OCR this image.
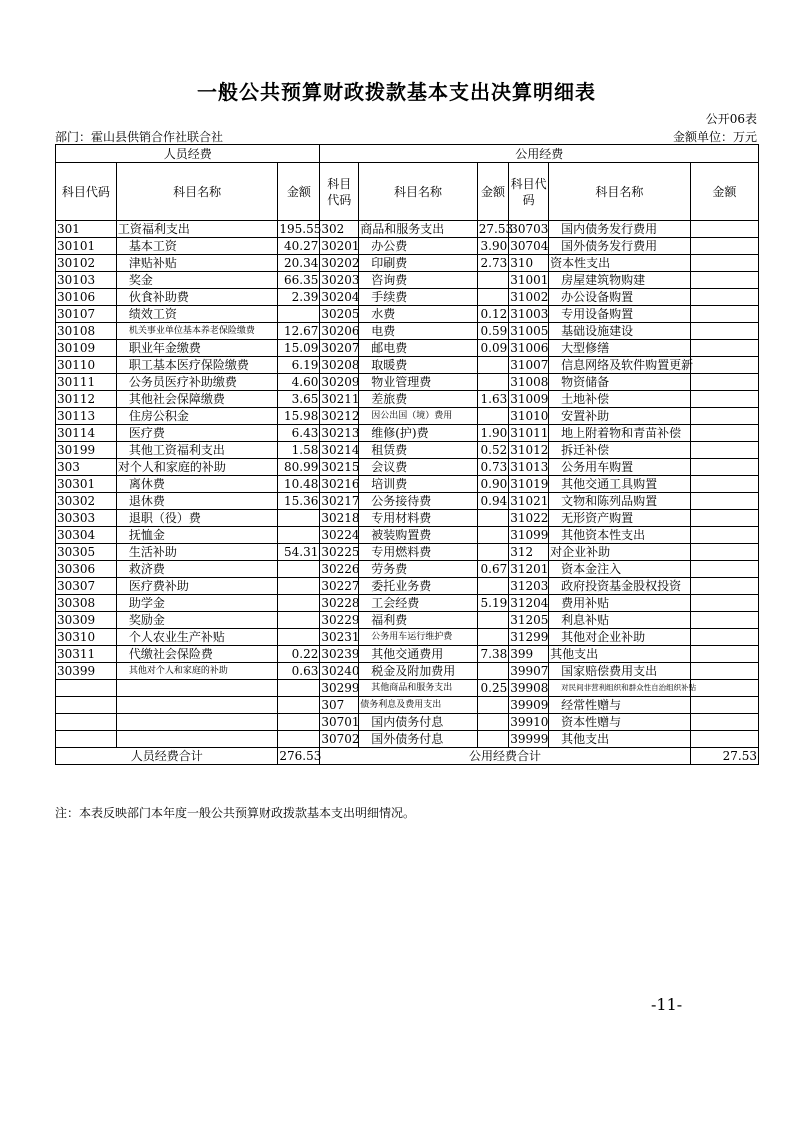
一般公共预算财政拨款基本支出决算明细表
公开06表
部门：霍山县供销合作社联合社	金额单位：万元
人员经费			公用经费					
科目代码	科目名称	金额	科目代码	科目名称	金额	科目代码	科目名称	金额
301	工资福利支出	195.55	302	商品和服务支出	27.53	30703	国内债务发行费用	
30101	基本工资	40.27	30201	办公费	3.90	30704	国外债务发行费用	
30102	津贴补贴	20.34	30202	印刷费	2.73	310	资本性支出	
30103	奖金	66.35	30203	咨询费		31001	房屋建筑物购建	
30106	伙食补助费	2.39	30204	手续费		31002	办公设备购置	
30107	绩效工资		30205	水费	0.12	31003	专用设备购置	
30108	机关事业单位基本养老保险缴费	12.67	30206	电费	0.59	31005	基础设施建设	
30109	职业年金缴费	15.09	30207	邮电费	0.09	31006	大型修缮	
30110	职工基本医疗保险缴费	6.19	30208	取暖费		31007	信息网络及软件购置更新	
30111	公务员医疗补助缴费	4.60	30209	物业管理费		31008	物资储备	
30112	其他社会保障缴费	3.65	30211	差旅费	1.63	31009	土地补偿	
30113	住房公积金	15.98	30212	因公出国（境）费用		31010	安置补助	
30114	医疗费	6.43	30213	维修(护)费	1.90	31011	地上附着物和青苗补偿	
30199	其他工资福利支出	1.58	30214	租赁费	0.52	31012	拆迁补偿	
303	对个人和家庭的补助	80.99	30215	会议费	0.73	31013	公务用车购置	
30301	离休费	10.48	30216	培训费	0.90	31019	其他交通工具购置	
30302	退休费	15.36	30217	公务接待费	0.94	31021	文物和陈列品购置	
30303	退职（役）费		30218	专用材料费		31022	无形资产购置	
30304	抚恤金		30224	被装购置费		31099	其他资本性支出	
30305	生活补助	54.31	30225	专用燃料费		312	对企业补助	
30306	救济费		30226	劳务费	0.67	31201	资本金注入	
30307	医疗费补助		30227	委托业务费		31203	政府投资基金股权投资	
30308	助学金		30228	工会经费	5.19	31204	费用补贴	
30309	奖励金		30229	福利费		31205	利息补贴	
30310	个人农业生产补贴		30231	公务用车运行维护费		31299	其他对企业补助	
30311	代缴社会保险费	0.22	30239	其他交通费用	7.38	399	其他支出	
30399	其他对个人和家庭的补助	0.63	30240	税金及附加费用		39907	国家赔偿费用支出	
			30299	其他商品和服务支出	0.25	39908	对民间非营利组织和群众性自治组织补贴	
			307	债务利息及费用支出		39909	经常性赠与	
			30701	国内债务付息		39910	资本性赠与	
			30702	国外债务付息		39999	其他支出	
人员经费合计		276.53	公用经费合计					27.53
注：本表反映部门本年度一般公共预算财政拨款基本支出明细情况。
-11-
